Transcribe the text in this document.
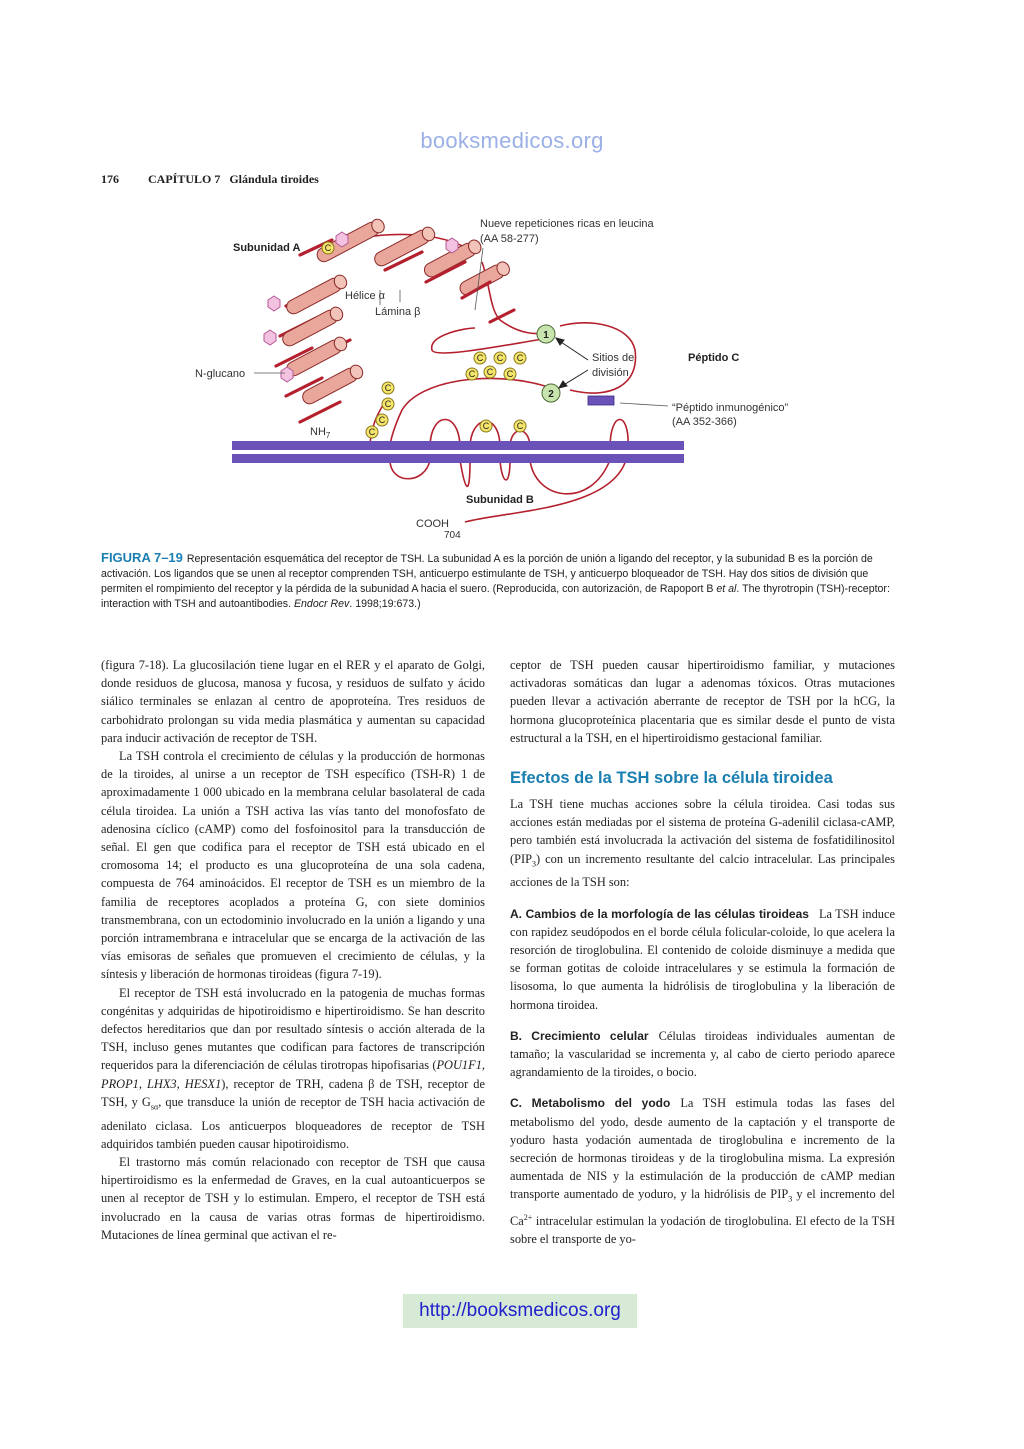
booksmedicos.org
176 CAPÍTULO 7 Glándula tiroides
C
C C C
C C C
C
C
C
C
C	C
1
2
Subunidad A
Nueve repeticiones ricas en leucina
(AA 58-277)
Hélice α
Lámina β
N-glucano
$NH_7$
Sitios de
división
Péptido C
“Péptido inmunogénico”
(AA 352-366)
Subunidad B
COOH
704
FIGURA 7–19 Representación esquemática del receptor de TSH. La subunidad A es la porción de unión a ligando del receptor, y la subunidad B es la porción de activación. Los ligandos que se unen al receptor comprenden TSH, anticuerpo estimulante de TSH, y anticuerpo bloqueador de TSH. Hay dos sitios de división que permiten el rompimiento del receptor y la pérdida de la subunidad A hacia el suero. (Reproducida, con autorización, de Rapoport B et al. The thyrotropin (TSH)-receptor: interaction with TSH and autoantibodies. Endocr Rev. 1998;19:673.)

(figura 7-18). La glucosilación tiene lugar en el RER y el aparato de Golgi, donde residuos de glucosa, manosa y fucosa, y residuos de sulfato y ácido siálico terminales se enlazan al centro de apoproteína. Tres residuos de carbohidrato prolongan su vida media plasmática y aumentan su capacidad para inducir activación de receptor de TSH.

La TSH controla el crecimiento de células y la producción de hormonas de la tiroides, al unirse a un receptor de TSH específico (TSH-R) 1 de aproximadamente 1 000 ubicado en la membrana celular basolateral de cada célula tiroidea. La unión a TSH activa las vías tanto del monofosfato de adenosina cíclico (cAMP) como del fosfoinositol para la transducción de señal. El gen que codifica para el receptor de TSH está ubicado en el cromosoma 14; el producto es una glucoproteína de una sola cadena, compuesta de 764 aminoácidos. El receptor de TSH es un miembro de la familia de receptores acoplados a proteína G, con siete dominios transmembrana, con un ectodominio involucrado en la unión a ligando y una porción intramembrana e intracelular que se encarga de la activación de las vías emisoras de señales que promueven el crecimiento de células, y la síntesis y liberación de hormonas tiroideas (figura 7-19).

El receptor de TSH está involucrado en la patogenia de muchas formas congénitas y adquiridas de hipotiroidismo e hipertiroidismo. Se han descrito defectos hereditarios que dan por resultado síntesis o acción alterada de la TSH, incluso genes mutantes que codifican para factores de transcripción requeridos para la diferenciación de células tirotropas hipofisarias (POU1F1, PROP1, LHX3, HESX1), receptor de TRH, cadena β de TSH, receptor de TSH, y $G_{s\alpha}$, que transduce la unión de receptor de TSH hacia activación de adenilato ciclasa. Los anticuerpos bloqueadores de receptor de TSH adquiridos también pueden causar hipotiroidismo.

El trastorno más común relacionado con receptor de TSH que causa hipertiroidismo es la enfermedad de Graves, en la cual autoanticuerpos se unen al receptor de TSH y lo estimulan. Empero, el receptor de TSH está involucrado en la causa de varias otras formas de hipertiroidismo. Mutaciones de línea germinal que activan el re-

ceptor de TSH pueden causar hipertiroidismo familiar, y mutaciones activadoras somáticas dan lugar a adenomas tóxicos. Otras mutaciones pueden llevar a activación aberrante de receptor de TSH por la hCG, la hormona glucoproteínica placentaria que es similar desde el punto de vista estructural a la TSH, en el hipertiroidismo gestacional familiar.

Efectos de la TSH sobre la célula tiroidea

La TSH tiene muchas acciones sobre la célula tiroidea. Casi todas sus acciones están mediadas por el sistema de proteína G-adenilil ciclasa-cAMP, pero también está involucrada la activación del sistema de fosfatidilinositol $(PIP_3)$ con un incremento resultante del calcio intracelular. Las principales acciones de la TSH son:

A. Cambios de la morfología de las células tiroideas La TSH induce con rapidez seudópodos en el borde célula folicular-coloide, lo que acelera la resorción de tiroglobulina. El contenido de coloide disminuye a medida que se forman gotitas de coloide intracelulares y se estimula la formación de lisosoma, lo que aumenta la hidrólisis de tiroglobulina y la liberación de hormona tiroidea.

B. Crecimiento celular Células tiroideas individuales aumentan de tamaño; la vascularidad se incrementa y, al cabo de cierto periodo aparece agrandamiento de la tiroides, o bocio.

C. Metabolismo del yodo La TSH estimula todas las fases del metabolismo del yodo, desde aumento de la captación y el transporte de yoduro hasta yodación aumentada de tiroglobulina e incremento de la secreción de hormonas tiroideas y de la tiroglobulina misma. La expresión aumentada de NIS y la estimulación de la producción de cAMP median transporte aumentado de yoduro, y la hidrólisis de $PIP_3$ y el incremento del $Ca^{2+}$ intracelular estimulan la yodación de tiroglobulina. El efecto de la TSH sobre el transporte de yo-

http://booksmedicos.org
